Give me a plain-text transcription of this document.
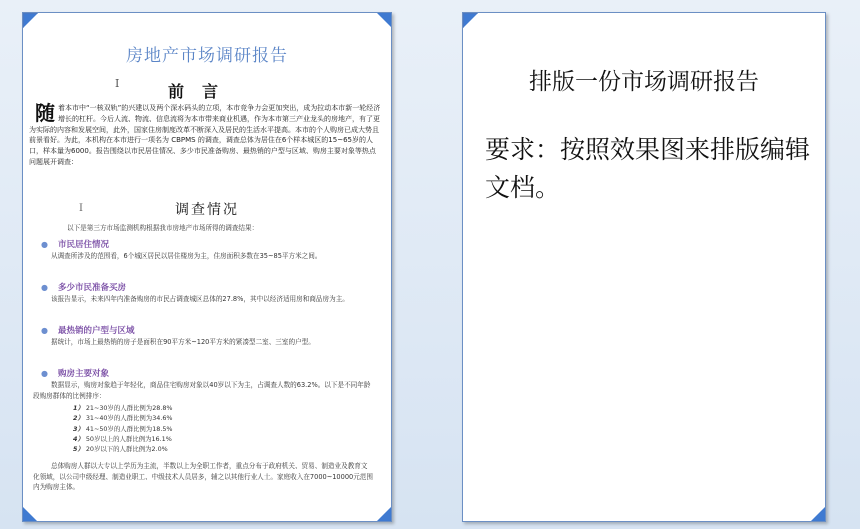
房地产市场调研报告
I	前言
随 着本市中“一核双轨”的兴建以及两个深水码头的立项，本市竞争力会更加突出，成为拉动本市新一轮经济增长的杠杆。今后人流、物流、信息流将为本市带来商业机遇，作为本市第三产业龙头的房地产，有了更为实际的内容和发展空间，此外，国家住房制度改革不断深入及居民的生活水平提高。本市的个人购房已成大势且前景看好。为此，本机构在本市进行一项名为 CBPMS 的调查，调查总体为居住在6个样本城区的15~65岁的人口，样本量为6000。报告围绕以市民居住情况、多少市民准备购房、最热销的户型与区域、购房主要对象等热点问题展开调查：
I	调查情况
以下是第三方市场监测机构根据我市房地产市场所得的调查结果：
● 市民居住情况
从调查所涉及的范围看，6个城区居民以居住楼房为主，住房面积多数在35~85平方米之间。
● 多少市民准备买房
该报告显示，未来四年内准备购房的市民占调查城区总体的27.8%，其中以经济适用房和商品房为主。
● 最热销的户型与区域
据统计，市场上最热销的房子是面积在90平方米~120平方米的紧凑型二室、三室的户型。
● 购房主要对象
数据显示，购房对象趋于年轻化，商品住宅购房对象以40岁以下为主，占调查人数的63.2%。以下是不同年龄段购房群体的比例排序：
1） 21~30岁的人群比例为28.8%
2） 31~40岁的人群比例为34.6%
3） 41~50岁的人群比例为18.5%
4） 50岁以上的人群比例为16.1%
5） 20岁以下的人群比例为2.0%
总体购房人群以大专以上学历为主流，半数以上为全职工作者，重点分布于政府机关、贸易、制造业及教育文化领域，以公司中级经理、制造业职工、中级技术人员居多，辅之以其他行业人士。家庭收入在7000~10000元范围内为购房主体。
排版一份市场调研报告
要求：按照效果图来排版编辑文档。
